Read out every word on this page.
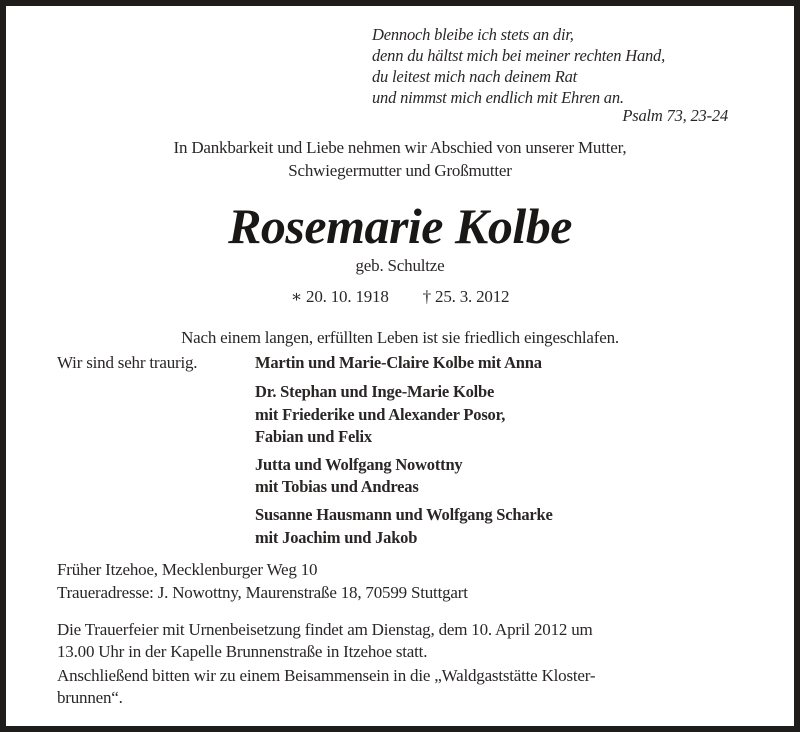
Dennoch bleibe ich stets an dir,
denn du hältst mich bei meiner rechten Hand,
du leitest mich nach deinem Rat
und nimmst mich endlich mit Ehren an.
Psalm 73, 23-24
In Dankbarkeit und Liebe nehmen wir Abschied von unserer Mutter,
Schwiegermutter und Großmutter
Rosemarie Kolbe
geb. Schultze
∗ 20. 10. 1918 † 25. 3. 2012
Nach einem langen, erfüllten Leben ist sie friedlich eingeschlafen.
Wir sind sehr traurig.	Martin und Marie-Claire Kolbe mit Anna
Dr. Stephan und Inge-Marie Kolbe
mit Friederike und Alexander Posor,
Fabian und Felix
Jutta und Wolfgang Nowottny
mit Tobias und Andreas
Susanne Hausmann und Wolfgang Scharke
mit Joachim und Jakob
Früher Itzehoe, Mecklenburger Weg 10
Traueradresse: J. Nowottny, Maurenstraße 18, 70599 Stuttgart
Die Trauerfeier mit Urnenbeisetzung findet am Dienstag, dem 10. April 2012 um
13.00 Uhr in der Kapelle Brunnenstraße in Itzehoe statt.
Anschließend bitten wir zu einem Beisammensein in die „Waldgaststätte Kloster-
brunnen“.
